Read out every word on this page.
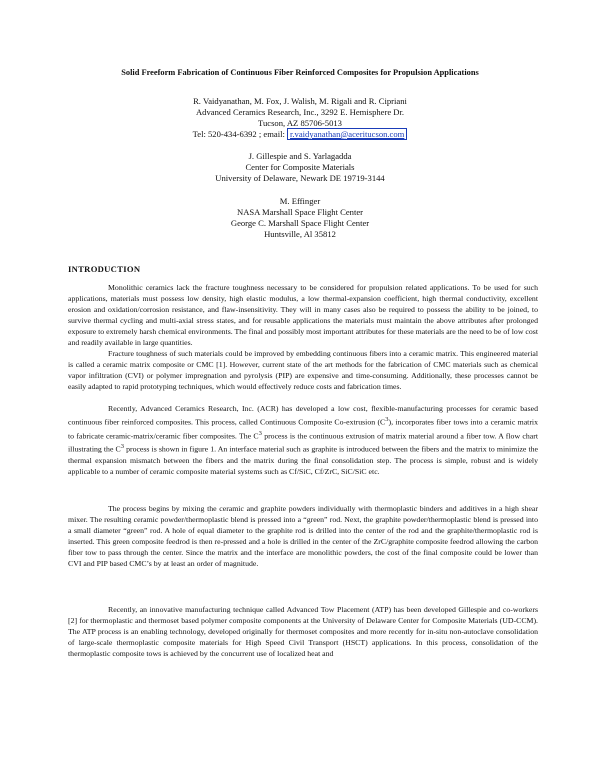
Solid Freeform Fabrication of Continuous Fiber Reinforced Composites for Propulsion Applications
R. Vaidyanathan, M. Fox, J. Walish, M. Rigali and R. Cipriani
Advanced Ceramics Research, Inc., 3292 E. Hemisphere Dr.
Tucson, AZ 85706-5013
Tel: 520-434-6392 ; email: r.vaidyanathan@aceritucson.com
J. Gillespie and S. Yarlagadda
Center for Composite Materials
University of Delaware, Newark DE 19719-3144
M. Effinger
NASA Marshall Space Flight Center
George C. Marshall Space Flight Center
Huntsville, Al 35812
INTRODUCTION

Monolithic ceramics lack the fracture toughness necessary to be considered for propulsion related applications. To be used for such applications, materials must possess low density, high elastic modulus, a low thermal-expansion coefficient, high thermal conductivity, excellent erosion and oxidation/corrosion resistance, and flaw-insensitivity. They will in many cases also be required to possess the ability to be joined, to survive thermal cycling and multi-axial stress states, and for reusable applications the materials must maintain the above attributes after prolonged exposure to extremely harsh chemical environments. The final and possibly most important attributes for these materials are the need to be of low cost and readily available in large quantities.

Fracture toughness of such materials could be improved by embedding continuous fibers into a ceramic matrix. This engineered material is called a ceramic matrix composite or CMC [1]. However, current state of the art methods for the fabrication of CMC materials such as chemical vapor infiltration (CVI) or polymer impregnation and pyrolysis (PIP) are expensive and time-consuming. Additionally, these processes cannot be easily adapted to rapid prototyping techniques, which would effectively reduce costs and fabrication times.

Recently, Advanced Ceramics Research, Inc. (ACR) has developed a low cost, flexible-manufacturing processes for ceramic based continuous fiber reinforced composites. This process, called Continuous Composite Co-extrusion $(C^3)$, incorporates fiber tows into a ceramic matrix to fabricate ceramic-matrix/ceramic fiber composites. The $C^3$ process is the continuous extrusion of matrix material around a fiber tow. A flow chart illustrating the $C^3$ process is shown in figure 1. An interface material such as graphite is introduced between the fibers and the matrix to minimize the thermal expansion mismatch between the fibers and the matrix during the final consolidation step. The process is simple, robust and is widely applicable to a number of ceramic composite material systems such as Cf/SiC, Cf/ZrC, SiC/SiC etc.

The process begins by mixing the ceramic and graphite powders individually with thermoplastic binders and additives in a high shear mixer. The resulting ceramic powder/thermoplastic blend is pressed into a “green” rod. Next, the graphite powder/thermoplastic blend is pressed into a small diameter “green” rod. A hole of equal diameter to the graphite rod is drilled into the center of the rod and the graphite/thermoplastic rod is inserted. This green composite feedrod is then re-pressed and a hole is drilled in the center of the ZrC/graphite composite feedrod allowing the carbon fiber tow to pass through the center. Since the matrix and the interface are monolithic powders, the cost of the final composite could be lower than CVI and PIP based CMC’s by at least an order of magnitude.

Recently, an innovative manufacturing technique called Advanced Tow Placement (ATP) has been developed Gillespie and co-workers [2] for thermoplastic and thermoset based polymer composite components at the University of Delaware Center for Composite Materials (UD-CCM). The ATP process is an enabling technology, developed originally for thermoset composites and more recently for in-situ non-autoclave consolidation of large-scale thermoplastic composite materials for High Speed Civil Transport (HSCT) applications. In this process, consolidation of the thermoplastic composite tows is achieved by the concurrent use of localized heat and
